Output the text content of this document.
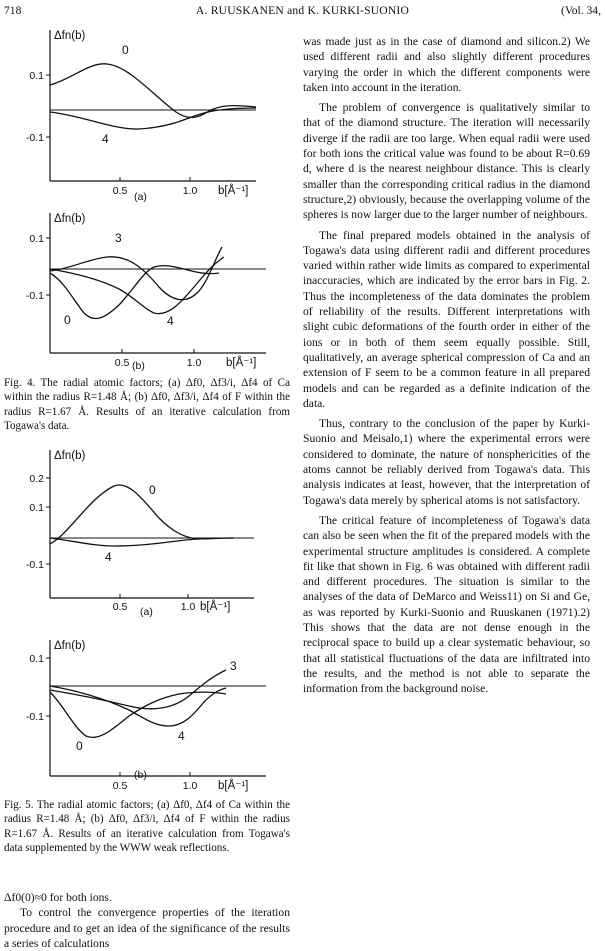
718	A. RUUSKANEN and K. KURKI-SUONIO	(Vol. 34,
Δfn(b)
0.1
-0.1
0.5	1.0 b[Å⁻¹]
0
4
(a)
Δfn(b)
0.1
-0.1
0.5	1.0 b[Å⁻¹]
3
0	4
(b)
Fig. 4. The radial atomic factors; (a) Δf0, Δf3/i, Δf4 of Ca within the radius R=1.48 Å; (b) Δf0, Δf3/i, Δf4 of F within the radius R=1.67 Å. Results of an iterative calculation from Togawa's data.
Δfn(b)
0.2
0.1
-0.1
0.5	1.0 b[Å⁻¹]
0
4
(a)
Δfn(b)
0.1
-0.1
0.5	1.0 b[Å⁻¹]
3
0
4
(b)
Fig. 5. The radial atomic factors; (a) Δf0, Δf4 of Ca within the radius R=1.48 Å; (b) Δf0, Δf3/i, Δf4 of F within the radius R=1.67 Å. Results of an iterative calculation from Togawa's data supplemented by the WWW weak reflections.

Δf0(0)≈0 for both ions.

To control the convergence properties of the iteration procedure and to get an idea of the significance of the results a series of calculations

was made just as in the case of diamond and silicon.2) We used different radii and also slightly different procedures varying the order in which the different components were taken into account in the iteration.

The problem of convergence is qualitatively similar to that of the diamond structure. The iteration will necessarily diverge if the radii are too large. When equal radii were used for both ions the critical value was found to be about R=0.69 d, where d is the nearest neighbour distance. This is clearly smaller than the corresponding critical radius in the diamond structure,2) obviously, because the overlapping volume of the spheres is now larger due to the larger number of neighbours.

The final prepared models obtained in the analysis of Togawa's data using different radii and different procedures varied within rather wide limits as compared to experimental inaccuracies, which are indicated by the error bars in Fig. 2. Thus the incompleteness of the data dominates the problem of reliability of the results. Different interpretations with slight cubic deformations of the fourth order in either of the ions or in both of them seem equally possible. Still, qualitatively, an average spherical compression of Ca and an extension of F seem to be a common feature in all prepared models and can be regarded as a definite indication of the data.

Thus, contrary to the conclusion of the paper by Kurki-Suonio and Meisalo,1) where the experimental errors were considered to dominate, the nature of nonsphericities of the atoms cannot be reliably derived from Togawa's data. This analysis indicates at least, however, that the interpretation of Togawa's data merely by spherical atoms is not satisfactory.

The critical feature of incompleteness of Togawa's data can also be seen when the fit of the prepared models with the experimental structure amplitudes is considered. A complete fit like that shown in Fig. 6 was obtained with different radii and different procedures. The situation is similar to the analyses of the data of DeMarco and Weiss11) on Si and Ge, as was reported by Kurki-Suonio and Ruuskanen (1971).2) This shows that the data are not dense enough in the reciprocal space to build up a clear systematic behaviour, so that all statistical fluctuations of the data are infiltrated into the results, and the method is not able to separate the information from the background noise.
